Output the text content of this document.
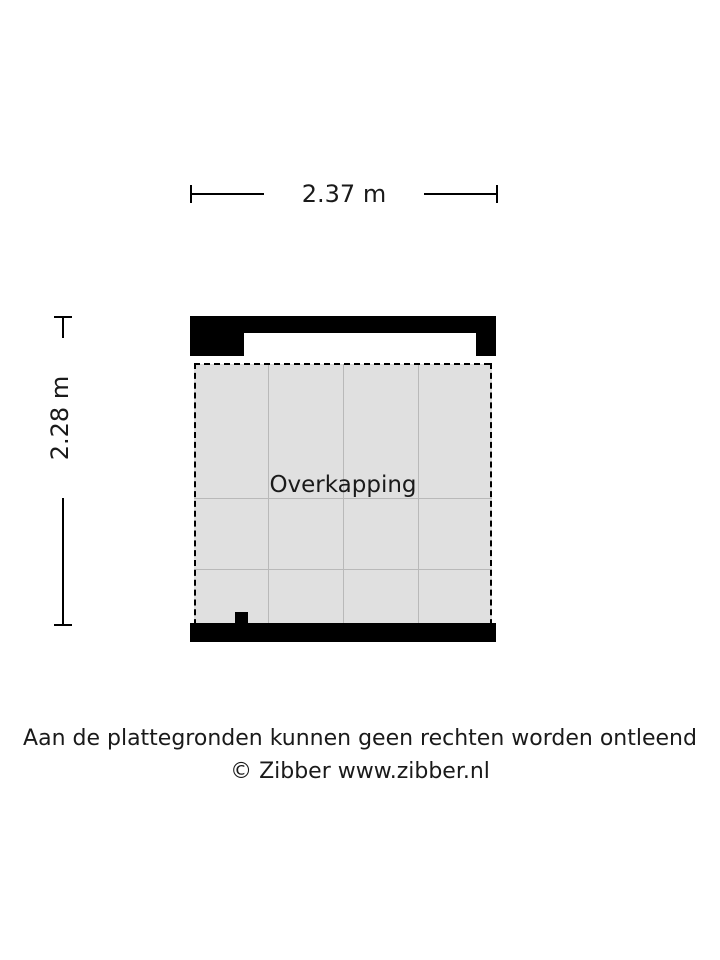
2.37 m
2.28 m
Overkapping
Aan de plattegronden kunnen geen rechten worden ontleend
© Zibber www.zibber.nl
